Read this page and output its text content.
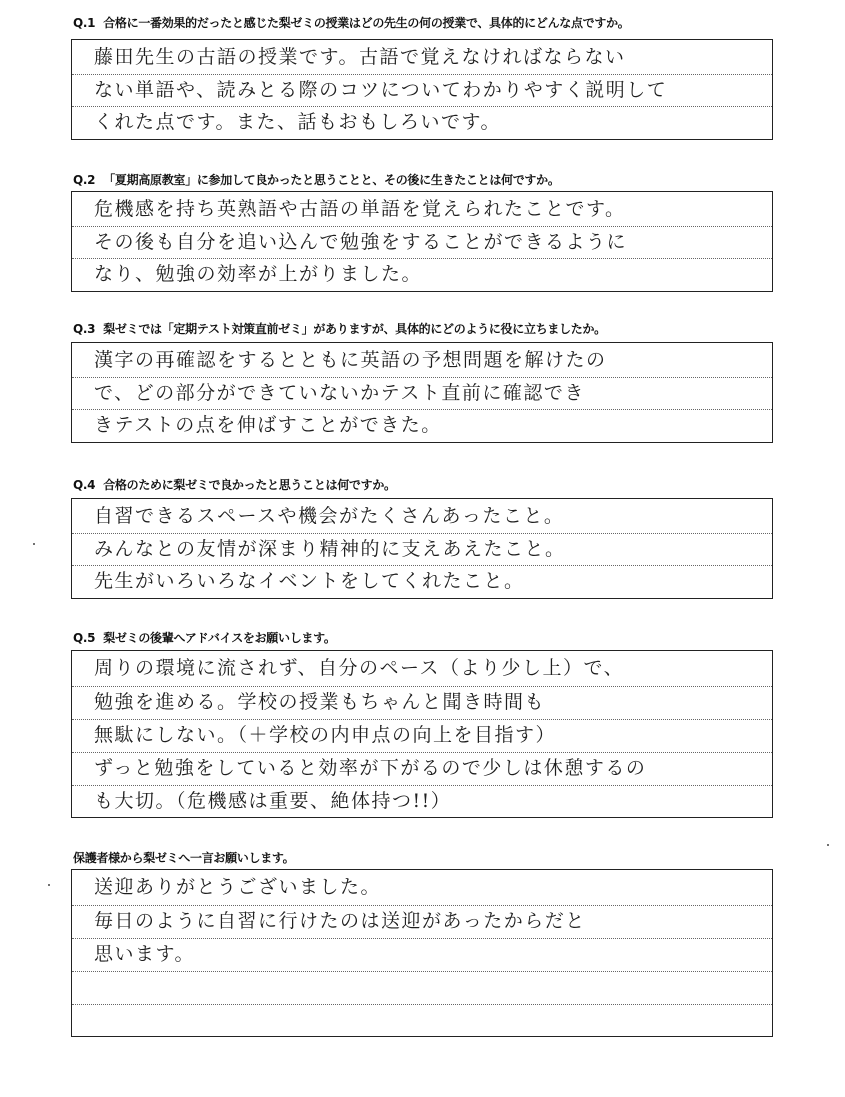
Q.1 合格に一番効果的だったと感じた梨ゼミの授業はどの先生の何の授業で、具体的にどんな点ですか。
藤田先生の古語の授業です。古語で覚えなければならない
ない単語や、読みとる際のコツについてわかりやすく説明して
くれた点です。また、話もおもしろいです。
Q.2 「夏期高原教室」に参加して良かったと思うことと、その後に生きたことは何ですか。
危機感を持ち英熟語や古語の単語を覚えられたことです。
その後も自分を追い込んで勉強をすることができるように
なり、勉強の効率が上がりました。
Q.3 梨ゼミでは「定期テスト対策直前ゼミ」がありますが、具体的にどのように役に立ちましたか。
漢字の再確認をするとともに英語の予想問題を解けたの
で、どの部分ができていないかテスト直前に確認でき
きテストの点を伸ばすことができた。
Q.4 合格のために梨ゼミで良かったと思うことは何ですか。
自習できるスペースや機会がたくさんあったこと。
みんなとの友情が深まり精神的に支えあえたこと。
先生がいろいろなイベントをしてくれたこと。
Q.5 梨ゼミの後輩へアドバイスをお願いします。
周りの環境に流されず、自分のペース（より少し上）で、
勉強を進める。学校の授業もちゃんと聞き時間も
無駄にしない。（＋学校の内申点の向上を目指す）
ずっと勉強をしていると効率が下がるので少しは休憩するの
も大切。（危機感は重要、絶体持つ!!）
保護者様から梨ゼミへ一言お願いします。
送迎ありがとうございました。
毎日のように自習に行けたのは送迎があったからだと
思います。
